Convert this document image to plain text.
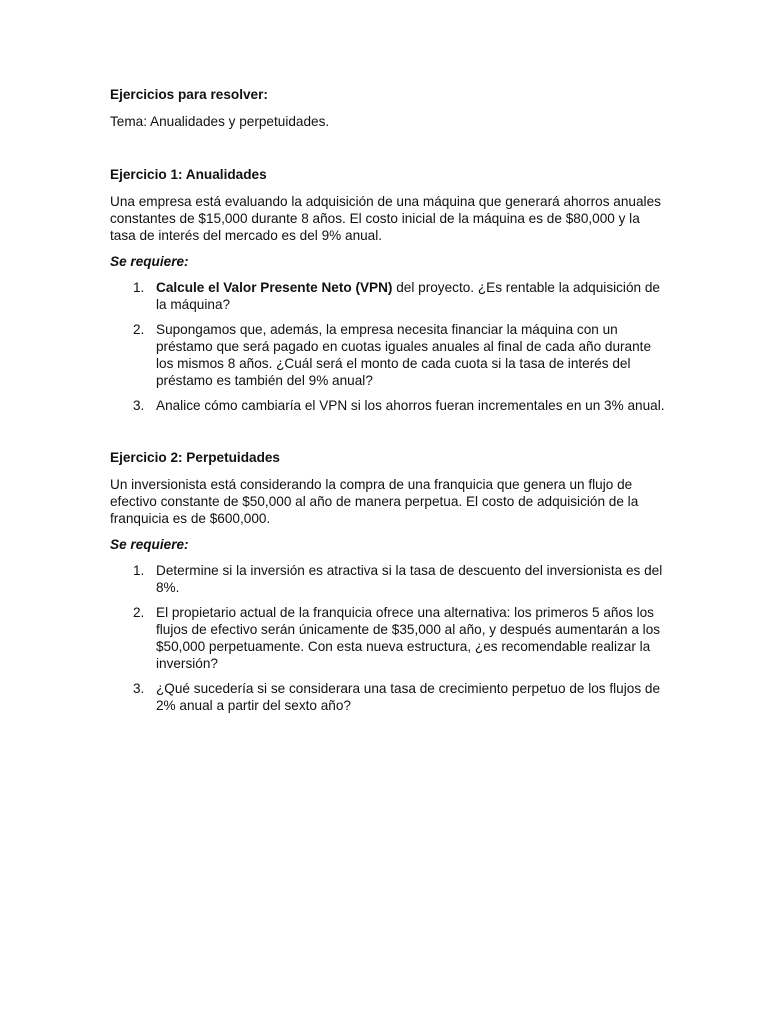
Ejercicios para resolver:
Tema: Anualidades y perpetuidades.
Ejercicio 1: Anualidades

Una empresa está evaluando la adquisición de una máquina que generará ahorros anuales constantes de $15,000 durante 8 años. El costo inicial de la máquina es de $80,000 y la tasa de interés del mercado es del 9% anual.

Se requiere:
1. Calcule el Valor Presente Neto (VPN) del proyecto. ¿Es rentable la adquisición de la máquina?
2. Supongamos que, además, la empresa necesita financiar la máquina con un préstamo que será pagado en cuotas iguales anuales al final de cada año durante los mismos 8 años. ¿Cuál será el monto de cada cuota si la tasa de interés del préstamo es también del 9% anual?
3. Analice cómo cambiaría el VPN si los ahorros fueran incrementales en un 3% anual.
Ejercicio 2: Perpetuidades

Un inversionista está considerando la compra de una franquicia que genera un flujo de efectivo constante de $50,000 al año de manera perpetua. El costo de adquisición de la franquicia es de $600,000.

Se requiere:
1. Determine si la inversión es atractiva si la tasa de descuento del inversionista es del 8%.
2. El propietario actual de la franquicia ofrece una alternativa: los primeros 5 años los flujos de efectivo serán únicamente de $35,000 al año, y después aumentarán a los $50,000 perpetuamente. Con esta nueva estructura, ¿es recomendable realizar la inversión?
3. ¿Qué sucedería si se considerara una tasa de crecimiento perpetuo de los flujos de 2% anual a partir del sexto año?
